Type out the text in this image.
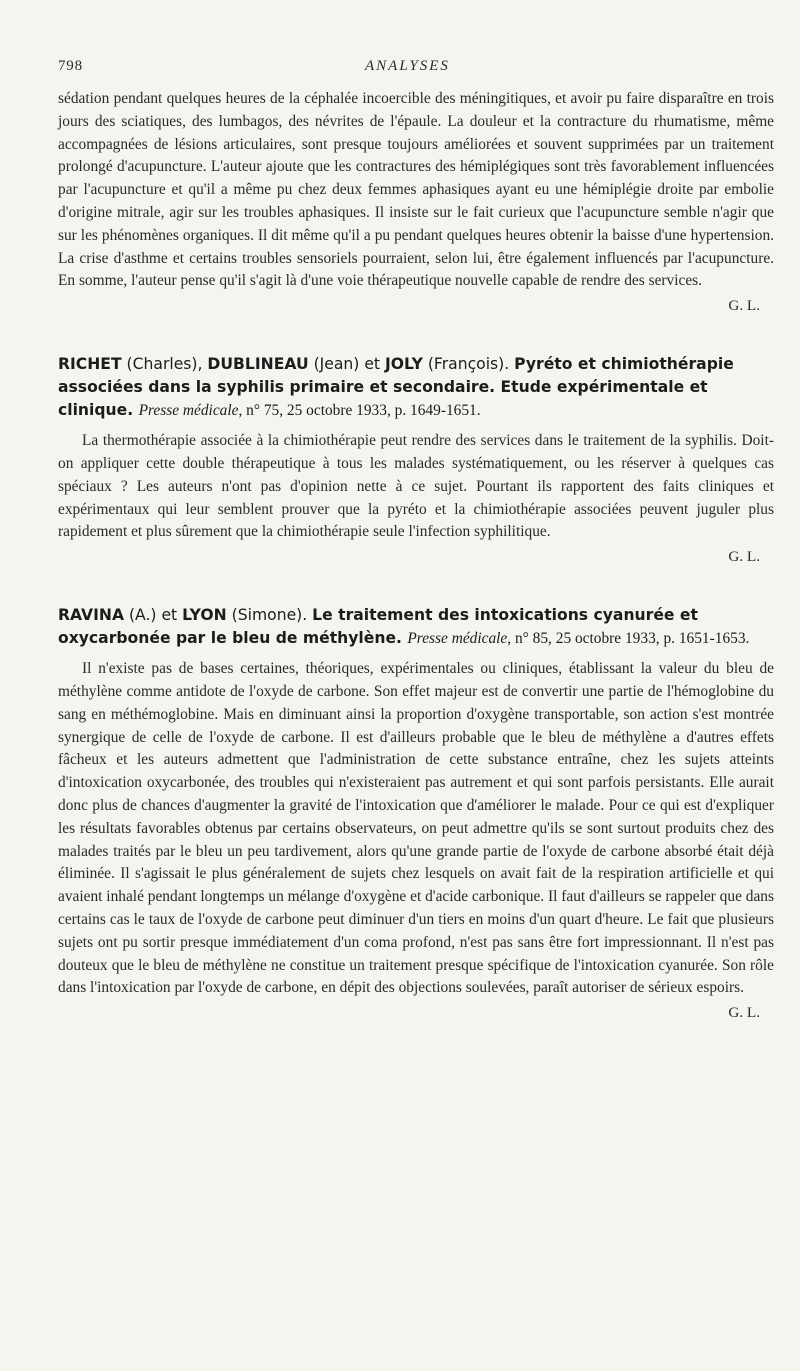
798	ANALYSES

sédation pendant quelques heures de la céphalée incoercible des méningitiques, et avoir pu faire disparaître en trois jours des sciatiques, des lumbagos, des névrites de l'épaule. La douleur et la contracture du rhumatisme, même accompagnées de lésions articulaires, sont presque toujours améliorées et souvent supprimées par un traitement prolongé d'acupuncture. L'auteur ajoute que les contractures des hémiplégiques sont très favorablement influencées par l'acupuncture et qu'il a même pu chez deux femmes aphasiques ayant eu une hémiplégie droite par embolie d'origine mitrale, agir sur les troubles aphasiques. Il insiste sur le fait curieux que l'acupuncture semble n'agir que sur les phénomènes organiques. Il dit même qu'il a pu pendant quelques heures obtenir la baisse d'une hypertension. La crise d'asthme et certains troubles sensoriels pourraient, selon lui, être également influencés par l'acupuncture. En somme, l'auteur pense qu'il s'agit là d'une voie thérapeutique nouvelle capable de rendre des services.

G. L.

RICHET (Charles), DUBLINEAU (Jean) et JOLY (François). Pyréto et chimiothérapie associées dans la syphilis primaire et secondaire. Etude expérimentale et clinique. Presse médicale, n° 75, 25 octobre 1933, p. 1649-1651.

La thermothérapie associée à la chimiothérapie peut rendre des services dans le traitement de la syphilis. Doit-on appliquer cette double thérapeutique à tous les malades systématiquement, ou les réserver à quelques cas spéciaux ? Les auteurs n'ont pas d'opinion nette à ce sujet. Pourtant ils rapportent des faits cliniques et expérimentaux qui leur semblent prouver que la pyréto et la chimiothérapie associées peuvent juguler plus rapidement et plus sûrement que la chimiothérapie seule l'infection syphilitique.

G. L.

RAVINA (A.) et LYON (Simone). Le traitement des intoxications cyanurée et oxycarbonée par le bleu de méthylène. Presse médicale, n° 85, 25 octobre 1933, p. 1651-1653.

Il n'existe pas de bases certaines, théoriques, expérimentales ou cliniques, établissant la valeur du bleu de méthylène comme antidote de l'oxyde de carbone. Son effet majeur est de convertir une partie de l'hémoglobine du sang en méthémoglobine. Mais en diminuant ainsi la proportion d'oxygène transportable, son action s'est montrée synergique de celle de l'oxyde de carbone. Il est d'ailleurs probable que le bleu de méthylène a d'autres effets fâcheux et les auteurs admettent que l'administration de cette substance entraîne, chez les sujets atteints d'intoxication oxycarbonée, des troubles qui n'existeraient pas autrement et qui sont parfois persistants. Elle aurait donc plus de chances d'augmenter la gravité de l'intoxication que d'améliorer le malade. Pour ce qui est d'expliquer les résultats favorables obtenus par certains observateurs, on peut admettre qu'ils se sont surtout produits chez des malades traités par le bleu un peu tardivement, alors qu'une grande partie de l'oxyde de carbone absorbé était déjà éliminée. Il s'agissait le plus généralement de sujets chez lesquels on avait fait de la respiration artificielle et qui avaient inhalé pendant longtemps un mélange d'oxygène et d'acide carbonique. Il faut d'ailleurs se rappeler que dans certains cas le taux de l'oxyde de carbone peut diminuer d'un tiers en moins d'un quart d'heure. Le fait que plusieurs sujets ont pu sortir presque immédiatement d'un coma profond, n'est pas sans être fort impressionnant. Il n'est pas douteux que le bleu de méthylène ne constitue un traitement presque spécifique de l'intoxication cyanurée. Son rôle dans l'intoxication par l'oxyde de carbone, en dépit des objections soulevées, paraît autoriser de sérieux espoirs.

G. L.
